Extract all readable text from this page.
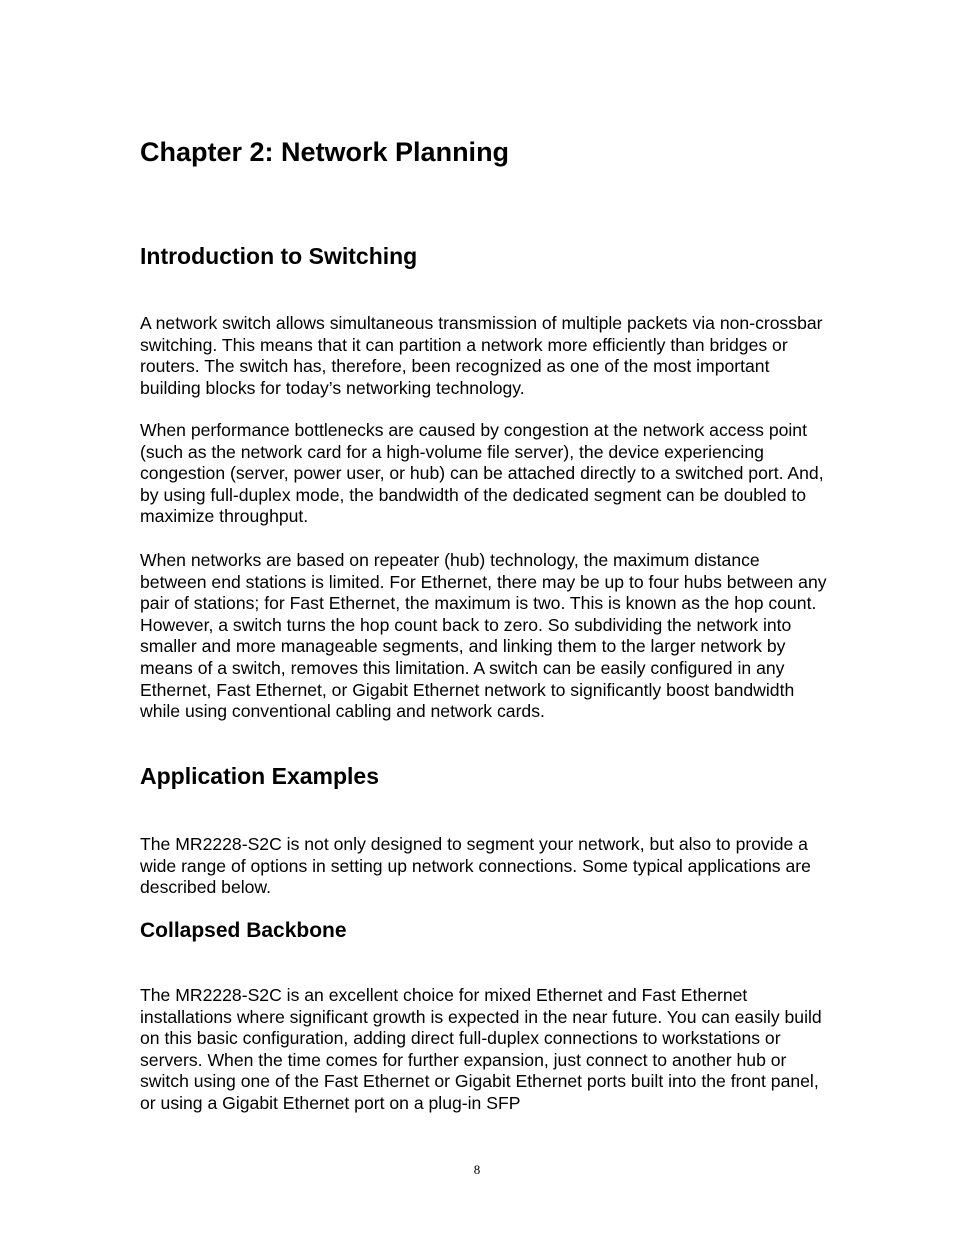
Chapter 2: Network Planning
Introduction to Switching

A network switch allows simultaneous transmission of multiple packets via non-crossbar switching. This means that it can partition a network more efficiently than bridges or routers. The switch has, therefore, been recognized as one of the most important building blocks for today’s networking technology.

When performance bottlenecks are caused by congestion at the network access point (such as the network card for a high-volume file server), the device experiencing congestion (server, power user, or hub) can be attached directly to a switched port. And, by using full-duplex mode, the bandwidth of the dedicated segment can be doubled to maximize throughput.

When networks are based on repeater (hub) technology, the maximum distance between end stations is limited. For Ethernet, there may be up to four hubs between any pair of stations; for Fast Ethernet, the maximum is two. This is known as the hop count. However, a switch turns the hop count back to zero. So subdividing the network into smaller and more manageable segments, and linking them to the larger network by means of a switch, removes this limitation. A switch can be easily configured in any Ethernet, Fast Ethernet, or Gigabit Ethernet network to significantly boost bandwidth while using conventional cabling and network cards.

Application Examples

The MR2228-S2C is not only designed to segment your network, but also to provide a wide range of options in setting up network connections. Some typical applications are described below.

Collapsed Backbone

The MR2228-S2C is an excellent choice for mixed Ethernet and Fast Ethernet installations where significant growth is expected in the near future. You can easily build on this basic configuration, adding direct full-duplex connections to workstations or servers. When the time comes for further expansion, just connect to another hub or switch using one of the Fast Ethernet or Gigabit Ethernet ports built into the front panel, or using a Gigabit Ethernet port on a plug-in SFP

8
